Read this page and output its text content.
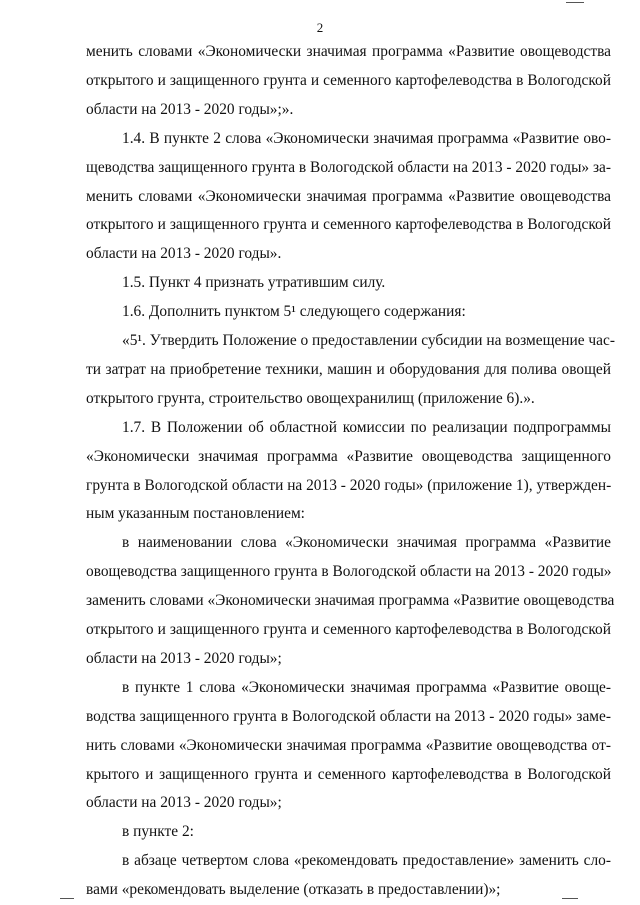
2
менить словами «Экономически значимая программа «Развитие овощеводства
открытого и защищенного грунта и семенного картофелеводства в Вологодской
области на 2013 - 2020 годы»;».
1.4. В пункте 2 слова «Экономически значимая программа «Развитие ово-
щеводства защищенного грунта в Вологодской области на 2013 - 2020 годы» за-
менить словами «Экономически значимая программа «Развитие овощеводства
открытого и защищенного грунта и семенного картофелеводства в Вологодской
области на 2013 - 2020 годы».
1.5. Пункт 4 признать утратившим силу.
1.6. Дополнить пунктом 5¹ следующего содержания:
«5¹. Утвердить Положение о предоставлении субсидии на возмещение час-
ти затрат на приобретение техники, машин и оборудования для полива овощей
открытого грунта, строительство овощехранилищ (приложение 6).».
1.7. В Положении об областной комиссии по реализации подпрограммы
«Экономически значимая программа «Развитие овощеводства защищенного
грунта в Вологодской области на 2013 - 2020 годы» (приложение 1), утвержден-
ным указанным постановлением:
в наименовании слова «Экономически значимая программа «Развитие
овощеводства защищенного грунта в Вологодской области на 2013 - 2020 годы»
заменить словами «Экономически значимая программа «Развитие овощеводства
открытого и защищенного грунта и семенного картофелеводства в Вологодской
области на 2013 - 2020 годы»;
в пункте 1 слова «Экономически значимая программа «Развитие овоще-
водства защищенного грунта в Вологодской области на 2013 - 2020 годы» заме-
нить словами «Экономически значимая программа «Развитие овощеводства от-
крытого и защищенного грунта и семенного картофелеводства в Вологодской
области на 2013 - 2020 годы»;
в пункте 2:
в абзаце четвертом слова «рекомендовать предоставление» заменить сло-
вами «рекомендовать выделение (отказать в предоставлении)»;
